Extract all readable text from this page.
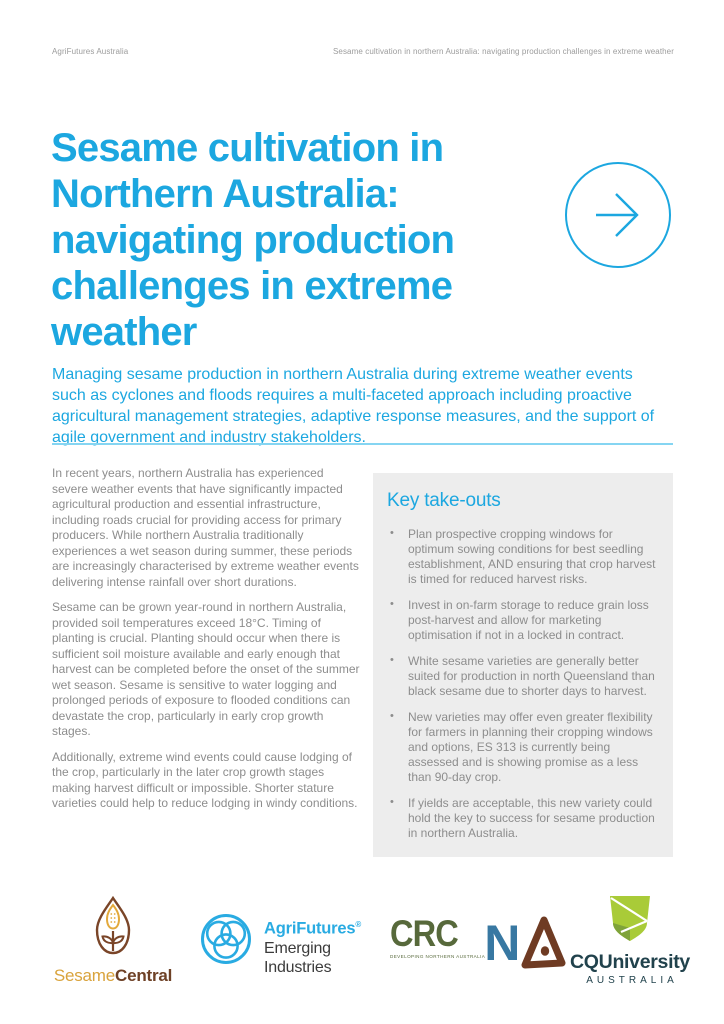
AgriFutures Australia	Sesame cultivation in northern Australia: navigating production challenges in extreme weather
Sesame cultivation in
Northern Australia:
navigating production
challenges in extreme
weather

Managing sesame production in northern Australia during extreme weather events such as cyclones and floods requires a multi-faceted approach including proactive agricultural management strategies, adaptive response measures, and the support of agile government and industry stakeholders.

In recent years, northern Australia has experienced severe weather events that have significantly impacted agricultural production and essential infrastructure, including roads crucial for providing access for primary producers. While northern Australia traditionally experiences a wet season during summer, these periods are increasingly characterised by extreme weather events delivering intense rainfall over short durations.

Sesame can be grown year-round in northern Australia, provided soil temperatures exceed 18°C. Timing of planting is crucial. Planting should occur when there is sufficient soil moisture available and early enough that harvest can be completed before the onset of the summer wet season. Sesame is sensitive to water logging and prolonged periods of exposure to flooded conditions can devastate the crop, particularly in early crop growth stages.

Additionally, extreme wind events could cause lodging of the crop, particularly in the later crop growth stages making harvest difficult or impossible. Shorter stature varieties could help to reduce lodging in windy conditions.

Key take-outs
• Plan prospective cropping windows for optimum sowing conditions for best seedling establishment, AND ensuring that crop harvest is timed for reduced harvest risks.
• Invest in on-farm storage to reduce grain loss post-harvest and allow for marketing optimisation if not in a locked in contract.
• White sesame varieties are generally better suited for production in north Queensland than black sesame due to shorter days to harvest.
• New varieties may offer even greater flexibility for farmers in planning their cropping windows and options, ES 313 is currently being assessed and is showing promise as a less than 90-day crop.
• If yields are acceptable, this new variety could hold the key to success for sesame production in northern Australia.
SesameCentral
AgriFutures®
Emerging
Industries
CRC
DEVELOPING NORTHERN AUSTRALIA N	CQUniversity
AUSTRALIA
